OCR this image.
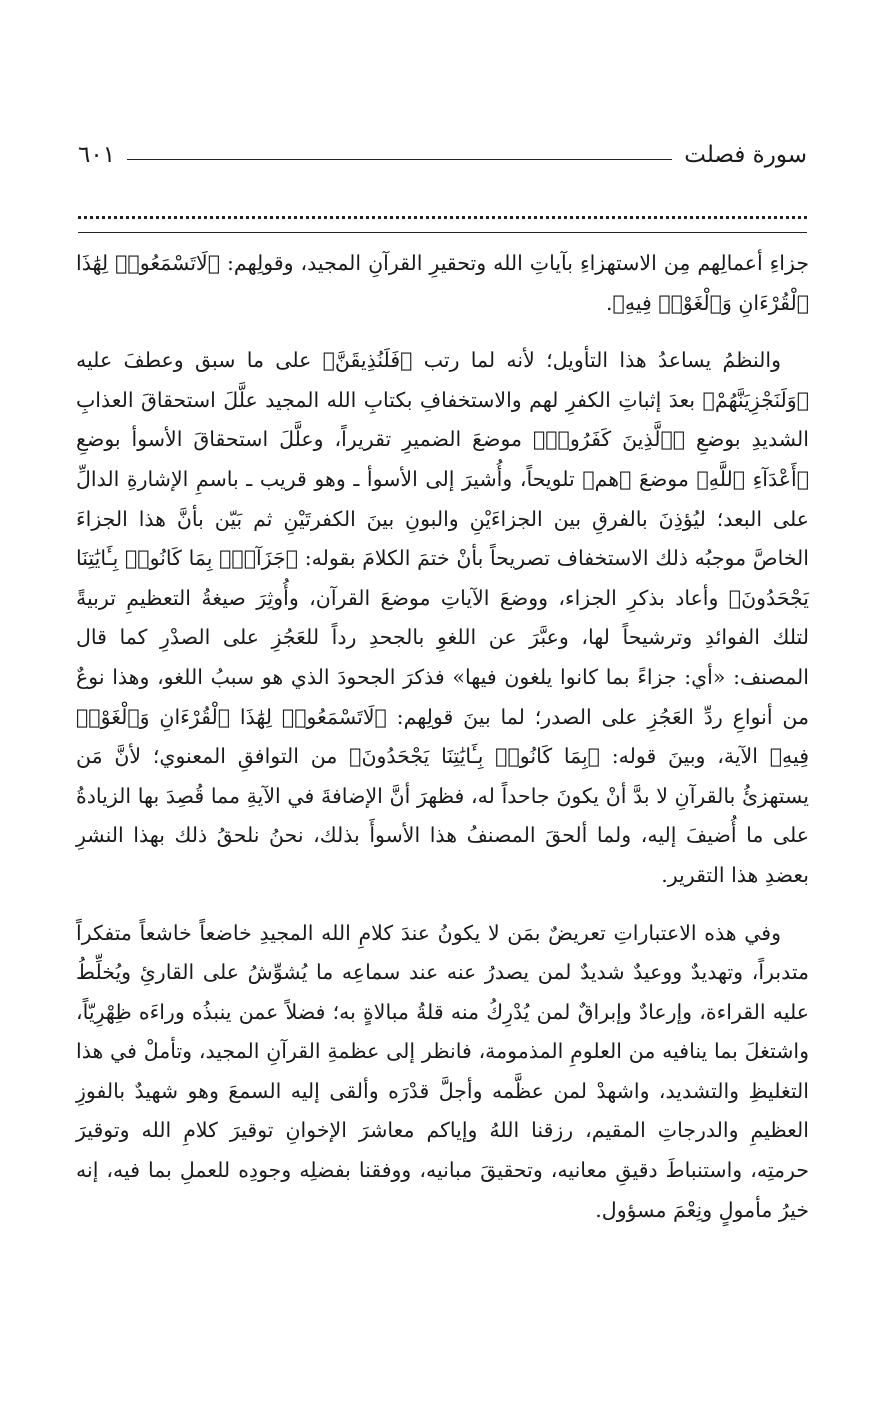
سورة فصلت
٦٠١

جزاءِ أعمالِهم مِن الاستهزاءِ بآياتِ الله وتحقيرِ القرآنِ المجيد، وقولِهم: ﴿لَاتَسْمَعُوا۟ لِهَٰذَا ٱلْقُرْءَانِ وَٱلْغَوْا۟ فِيهِ﴾.

والنظمُ يساعدُ هذا التأويل؛ لأنه لما رتب ﴿فَلَنُذِيقَنَّ﴾ على ما سبق وعطفَ عليه ﴿وَلَنَجْزِيَنَّهُمْ﴾ بعدَ إثباتِ الكفرِ لهم والاستخفافِ بكتابِ الله المجيد علَّلَ استحقاقَ العذابِ الشديدِ بوضعِ ﴿ٱلَّذِينَ كَفَرُوا۟﴾ موضعَ الضميرِ تقريراً، وعلَّلَ استحقاقَ الأسوأ بوضعِ ﴿أَعْدَآءِ ٱللَّهِ﴾ موضعَ ﴿هم﴾ تلويحاً، وأُشيرَ إلى الأسوأ ـ وهو قريب ـ باسمِ الإشارةِ الدالِّ على البعد؛ ليُؤذِنَ بالفرقِ بين الجزاءَيْنِ والبونِ بينَ الكفرتَيْنِ ثم بَيّن بأنَّ هذا الجزاءَ الخاصَّ موجبُه ذلك الاستخفاف تصريحاً بأنْ ختمَ الكلامَ بقوله: ﴿جَزَآءًۢ بِمَا كَانُوا۟ بِـَٔايَٰتِنَا يَجْحَدُونَ﴾ وأعاد بذكرِ الجزاء، ووضعَ الآياتِ موضعَ القرآن، وأُوثِرَ صيغةُ التعظيمِ تربيةً لتلك الفوائدِ وترشيحاً لها، وعبَّرَ عن اللغوِ بالجحدِ رداً للعَجُزِ على الصدْرِ كما قال المصنف: «أي: جزاءً بما كانوا يلغون فيها» فذكرَ الجحودَ الذي هو سببُ اللغو، وهذا نوعٌ من أنواعِ ردِّ العَجُزِ على الصدر؛ لما بينَ قولِهم: ﴿لَاتَسْمَعُوا۟ لِهَٰذَا ٱلْقُرْءَانِ وَٱلْغَوْا۟ فِيهِ﴾ الآية، وبينَ قوله: ﴿بِمَا كَانُوا۟ بِـَٔايَٰتِنَا يَجْحَدُونَ﴾ من التوافقِ المعنوي؛ لأنَّ مَن يستهزئُ بالقرآنِ لا بدَّ أنْ يكونَ جاحداً له، فظهرَ أنَّ الإضافةَ في الآيةِ مما قُصِدَ بها الزيادةُ على ما أُضيفَ إليه، ولما ألحقَ المصنفُ هذا الأسوأَ بذلك، نحنُ نلحقُ ذلك بهذا النشرِ بعضدِ هذا التقرير.

وفي هذه الاعتباراتِ تعريضٌ بمَن لا يكونُ عندَ كلامِ الله المجيدِ خاضعاً خاشعاً متفكراً متدبراً، وتهديدٌ ووعيدٌ شديدٌ لمن يصدرُ عنه عند سماعِه ما يُشوِّشُ على القارئِ ويُخلِّطُ عليه القراءة، وإرعادٌ وإبراقٌ لمن يُدْرِكُ منه قلةُ مبالاةٍ به؛ فضلاً عمن ينبذُه وراءَه ظِهْرِيّاً، واشتغلَ بما ينافيه من العلومِ المذمومة، فانظر إلى عظمةِ القرآنِ المجيد، وتأملْ في هذا التغليظِ والتشديد، واشهدْ لمن عظَّمه وأجلَّ قدْرَه وألقى إليه السمعَ وهو شهيدٌ بالفوزِ العظيمِ والدرجاتِ المقيم، رزقنا اللهُ وإياكم معاشرَ الإخوانِ توقيرَ كلامِ الله وتوقيرَ حرمتِه، واستنباطَ دقيقِ معانيه، وتحقيقَ مبانيه، ووفقنا بفضلِه وجودِه للعملِ بما فيه، إنه خيرُ مأمولٍ ونِعْمَ مسؤول.
